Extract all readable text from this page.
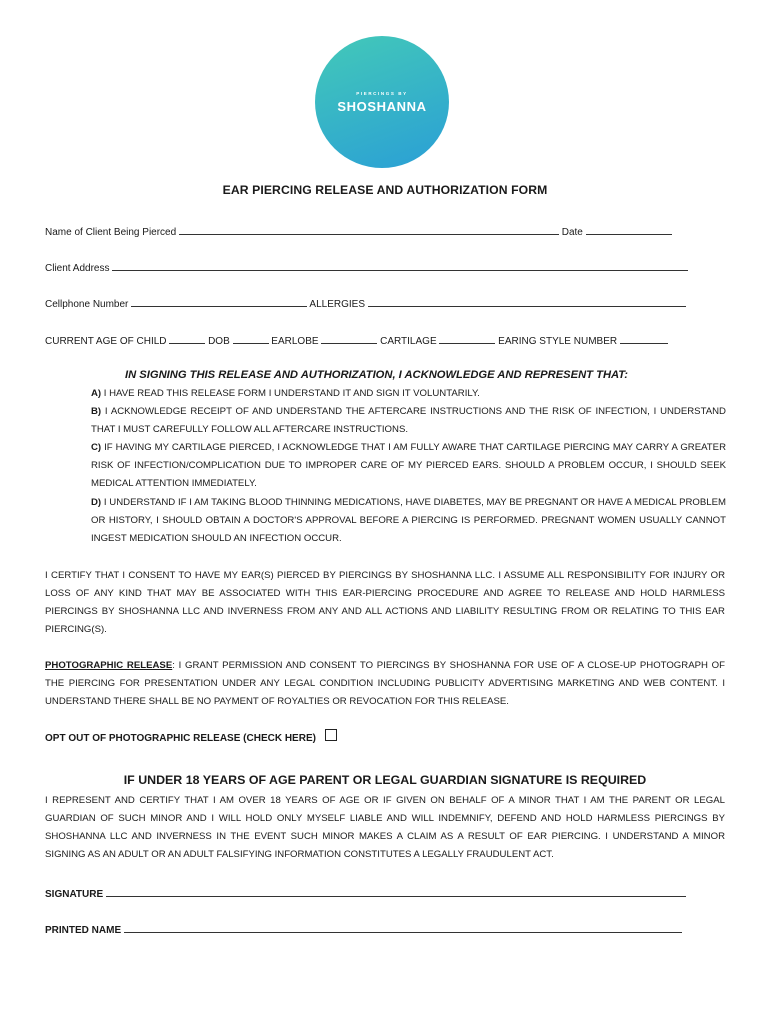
PIERCINGS BY
SHOSHANNA
EAR PIERCING RELEASE AND AUTHORIZATION FORM
Name of Client Being Pierced	Date
Client Address
Cellphone Number	ALLERGIES
CURRENT AGE OF CHILD	DOB	EARLOBE	CARTILAGE	EARING STYLE NUMBER
IN SIGNING THIS RELEASE AND AUTHORIZATION, I ACKNOWLEDGE AND REPRESENT THAT:
A) I HAVE READ THIS RELEASE FORM I UNDERSTAND IT AND SIGN IT VOLUNTARILY.
B) I ACKNOWLEDGE RECEIPT OF AND UNDERSTAND THE AFTERCARE INSTRUCTIONS AND THE RISK OF INFECTION, I UNDERSTAND THAT I MUST CAREFULLY FOLLOW ALL AFTERCARE INSTRUCTIONS.
C) IF HAVING MY CARTILAGE PIERCED, I ACKNOWLEDGE THAT I AM FULLY AWARE THAT CARTILAGE PIERCING MAY CARRY A GREATER RISK OF INFECTION/COMPLICATION DUE TO IMPROPER CARE OF MY PIERCED EARS. SHOULD A PROBLEM OCCUR, I SHOULD SEEK MEDICAL ATTENTION IMMEDIATELY.
D) I UNDERSTAND IF I AM TAKING BLOOD THINNING MEDICATIONS, HAVE DIABETES, MAY BE PREGNANT OR HAVE A MEDICAL PROBLEM OR HISTORY, I SHOULD OBTAIN A DOCTOR'S APPROVAL BEFORE A PIERCING IS PERFORMED. PREGNANT WOMEN USUALLY CANNOT INGEST MEDICATION SHOULD AN INFECTION OCCUR.
I CERTIFY THAT I CONSENT TO HAVE MY EAR(S) PIERCED BY PIERCINGS BY SHOSHANNA LLC. I ASSUME ALL RESPONSIBILITY FOR INJURY OR LOSS OF ANY KIND THAT MAY BE ASSOCIATED WITH THIS EAR-PIERCING PROCEDURE AND AGREE TO RELEASE AND HOLD HARMLESS PIERCINGS BY SHOSHANNA LLC AND INVERNESS FROM ANY AND ALL ACTIONS AND LIABILITY RESULTING FROM OR RELATING TO THIS EAR PIERCING(S).
PHOTOGRAPHIC RELEASE: I GRANT PERMISSION AND CONSENT TO PIERCINGS BY SHOSHANNA FOR USE OF A CLOSE-UP PHOTOGRAPH OF THE PIERCING FOR PRESENTATION UNDER ANY LEGAL CONDITION INCLUDING PUBLICITY ADVERTISING MARKETING AND WEB CONTENT. I UNDERSTAND THERE SHALL BE NO PAYMENT OF ROYALTIES OR REVOCATION FOR THIS RELEASE.
OPT OUT OF PHOTOGRAPHIC RELEASE (CHECK HERE)
IF UNDER 18 YEARS OF AGE PARENT OR LEGAL GUARDIAN SIGNATURE IS REQUIRED
I REPRESENT AND CERTIFY THAT I AM OVER 18 YEARS OF AGE OR IF GIVEN ON BEHALF OF A MINOR THAT I AM THE PARENT OR LEGAL GUARDIAN OF SUCH MINOR AND I WILL HOLD ONLY MYSELF LIABLE AND WILL INDEMNIFY, DEFEND AND HOLD HARMLESS PIERCINGS BY SHOSHANNA LLC AND INVERNESS IN THE EVENT SUCH MINOR MAKES A CLAIM AS A RESULT OF EAR PIERCING. I UNDERSTAND A MINOR SIGNING AS AN ADULT OR AN ADULT FALSIFYING INFORMATION CONSTITUTES A LEGALLY FRAUDULENT ACT.
SIGNATURE
PRINTED NAME
